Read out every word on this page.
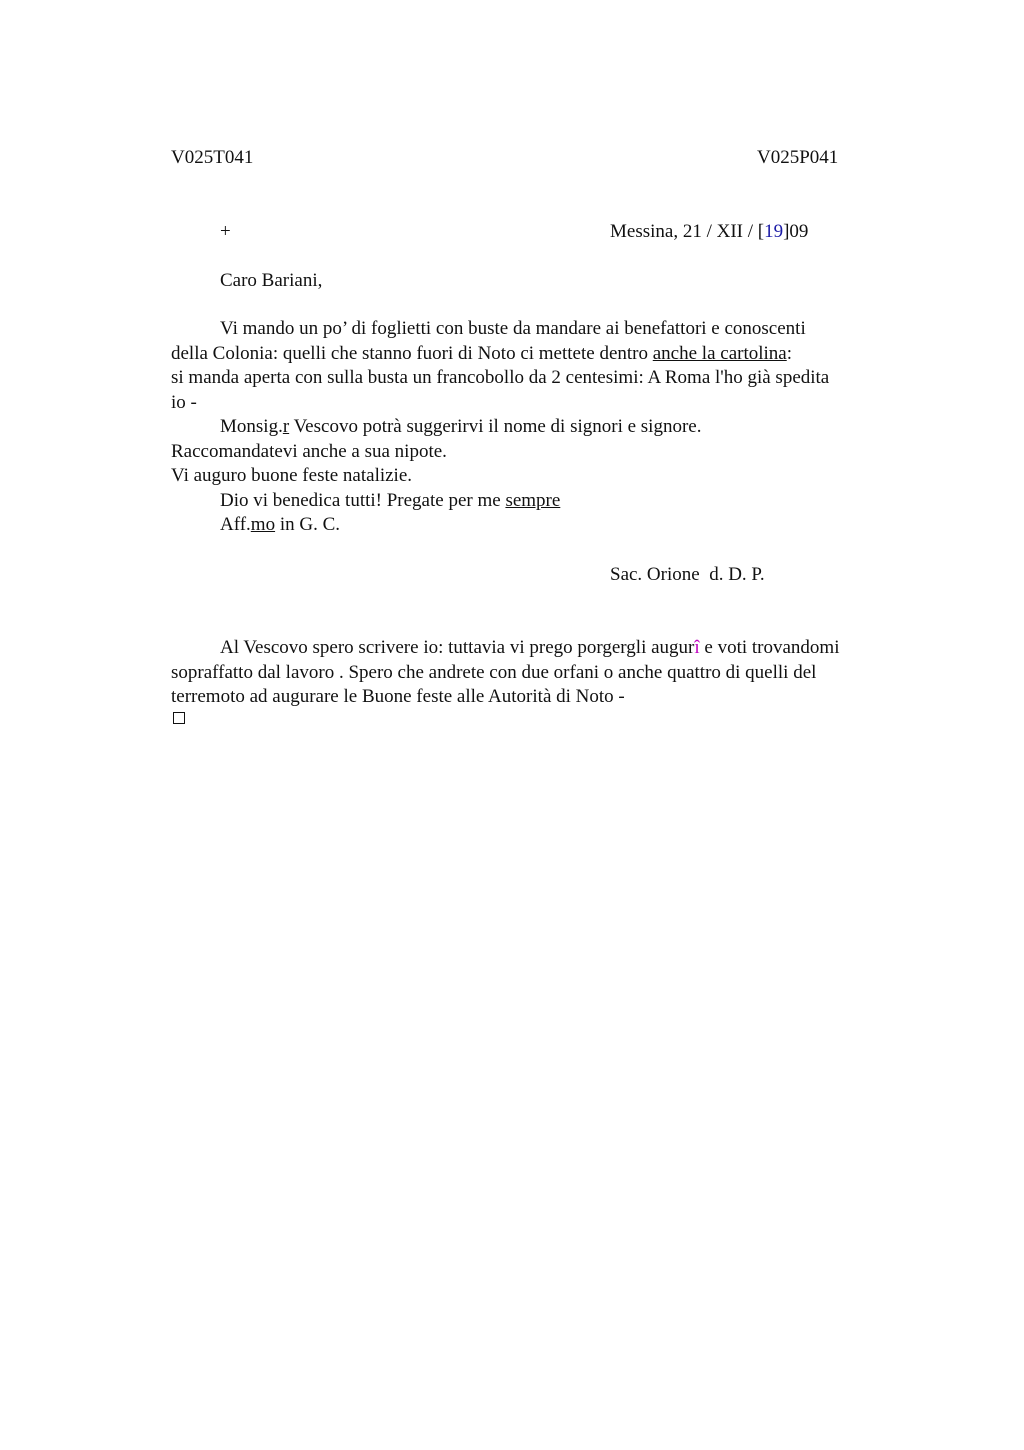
V025T041	V025P041
+	Messina, 21 / XII / [19]09
Caro Bariani,
Vi mando un po’ di foglietti con buste da mandare ai benefattori e conoscenti
della Colonia: quelli che stanno fuori di Noto ci mettete dentro anche la cartolina:
si manda aperta con sulla busta un francobollo da 2 centesimi: A Roma l'ho già spedita
io -
Monsig.r Vescovo potrà suggerirvi il nome di signori e signore.
Raccomandatevi anche a sua nipote.
Vi auguro buone feste natalizie.
Dio vi benedica tutti! Pregate per me sempre
Aff.mo in G. C.
Sac. Orione  d. D. P.
Al Vescovo spero scrivere io: tuttavia vi prego porgergli augurî e voti trovandomi
sopraffatto dal lavoro . Spero che andrete con due orfani o anche quattro di quelli del
terremoto ad augurare le Buone feste alle Autorità di Noto -
